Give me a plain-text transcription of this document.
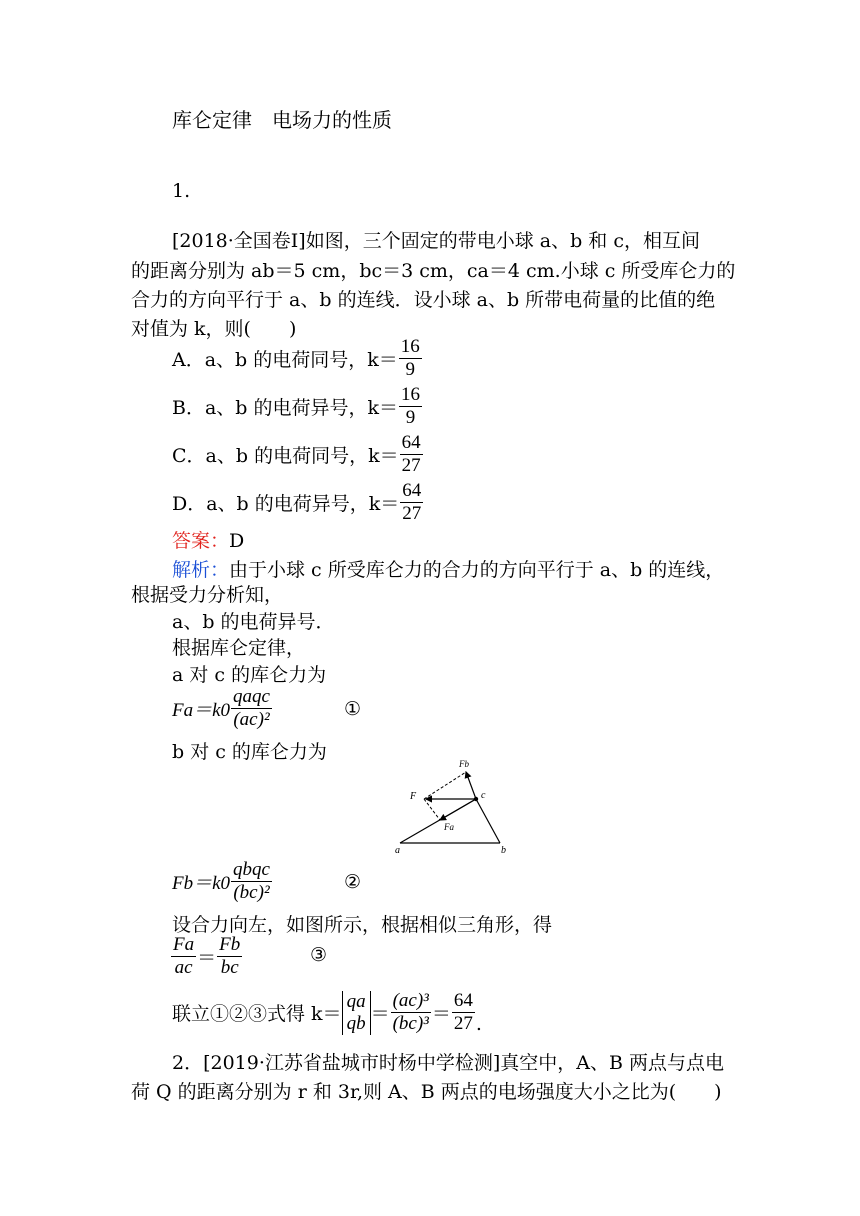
库仑定律　电场力的性质
1.
[2018·全国卷Ⅰ]如图，三个固定的带电小球 a、b 和 c，相互间
的距离分别为 ab＝5 cm，bc＝3 cm，ca＝4 cm.小球 c 所受库仑力的
合力的方向平行于 a、b 的连线．设小球 a、b 所带电荷量的比值的绝
对值为 k，则(　　)
A．a、b 的电荷同号，$k= \frac{16}{9}$
B．a、b 的电荷异号，$k= \frac{16}{9}$
C．a、b 的电荷同号，$k= \frac{64}{27}$
D．a、b 的电荷异号，$k= \frac{64}{27}$
答案：D
解析：由于小球 c 所受库仑力的合力的方向平行于 a、b 的连线，
根据受力分析知，
a、b 的电荷异号．
根据库仑定律，
a 对 c 的库仑力为
$Fa=k0 \frac{\text{qaqc}}{\text{(ac)²}}$	①
b 对 c 的库仑力为
Fb
F	c
Fa
a	b
$Fb=k0 \frac{\text{qbqc}}{\text{(bc)²}}$	②
设合力向左，如图所示，根据相似三角形，得
$\frac{Fa}{ac} = \frac{Fb}{bc}$	③
联立①②③式得 k＝
qa
qb ＝ $\frac{\text{(ac)³}}{\text{(bc)³}} = \frac{64}{27}$ .
2．[2019·江苏省盐城市时杨中学检测]真空中，A、B 两点与点电
荷 Q 的距离分别为 r 和 3r,则 A、B 两点的电场强度大小之比为(　　)
